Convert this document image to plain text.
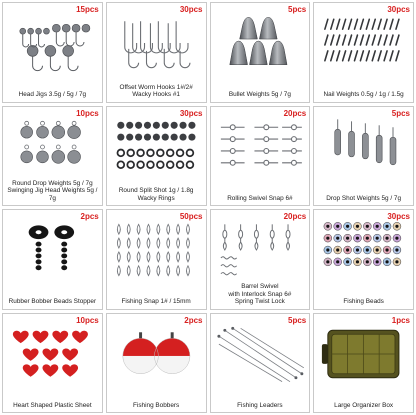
15pcs
Head Jigs 3.5g / 5g / 7g
30pcs
Offset Worm Hooks 1#/2#
Wacky Hooks #1
5pcs
Bullet Weights 5g / 7g
30pcs
Nail Weights 0.5g / 1g / 1.5g
10pcs
Round Drop Weights 5g / 7g
Swinging Jig Head Weights 5g / 7g
30pcs
Round Split Shot 1g / 1.8g
Wacky Rings
20pcs
Rolling Swivel Snap 6#
5pcs
Drop Shot Weights 5g / 7g
2pcs
Rubber Bobber Beads Stopper
50pcs
Fishing Snap 1# / 15mm
20pcs
Barrel Swivel
with Interlock Snap 6#
Spring Twist Lock
30pcs
Fishing Beads
10pcs
Heart Shaped Plastic Sheet
2pcs
Fishing Bobbers
5pcs
Fishing Leaders
1pcs
Large Organizer Box
